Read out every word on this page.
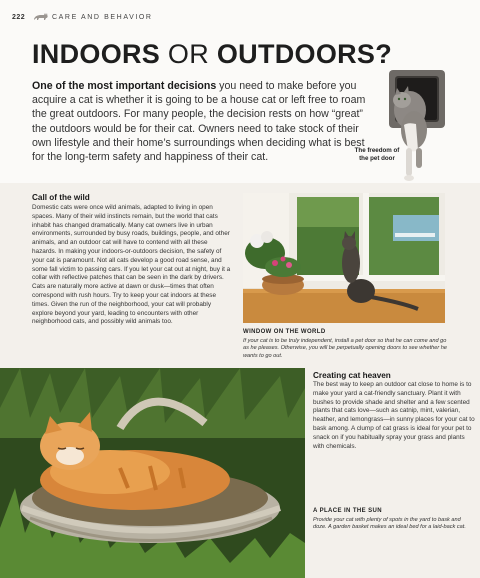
222	CARE AND BEHAVIOR
INDOORS OR OUTDOORS?
One of the most important decisions you need to make before you acquire a cat is whether it is going to be a house cat or left free to roam the great outdoors. For many people, the decision rests on how “great” the outdoors would be for their cat. Owners need to take stock of their own lifestyle and their home’s surroundings when deciding what is best for the long-term safety and happiness of their cat.
The freedom of the pet door
Call of the wild
Domestic cats were once wild animals, adapted to living in open spaces. Many of their wild instincts remain, but the world that cats inhabit has changed dramatically. Many cat owners live in urban environments, surrounded by busy roads, buildings, people, and other animals, and an outdoor cat will have to contend with all these hazards. In making your indoors-or-outdoors decision, the safety of your cat is paramount. Not all cats develop a good road sense, and some fall victim to passing cars. If you let your cat out at night, buy it a collar with reflective patches that can be seen in the dark by drivers. Cats are naturally more active at dawn or dusk—times that often correspond with rush hours. Try to keep your cat indoors at these times. Given the run of the neighborhood, your cat will probably explore beyond your yard, leading to encounters with other neighborhood cats, and possibly wild animals too.
WINDOW ON THE WORLD
If your cat is to be truly independent, install a pet door so that he can come and go as he pleases. Otherwise, you will be perpetually opening doors to see whether he wants to go out.
Creating cat heaven
The best way to keep an outdoor cat close to home is to make your yard a cat-friendly sanctuary. Plant it with bushes to provide shade and shelter and a few scented plants that cats love—such as catnip, mint, valerian, heather, and lemongrass—in sunny places for your cat to bask among. A clump of cat grass is ideal for your pet to snack on if you habitually spray your grass and plants with chemicals.
A PLACE IN THE SUN
Provide your cat with plenty of spots in the yard to bask and doze. A garden basket makes an ideal bed for a laid-back cat.
